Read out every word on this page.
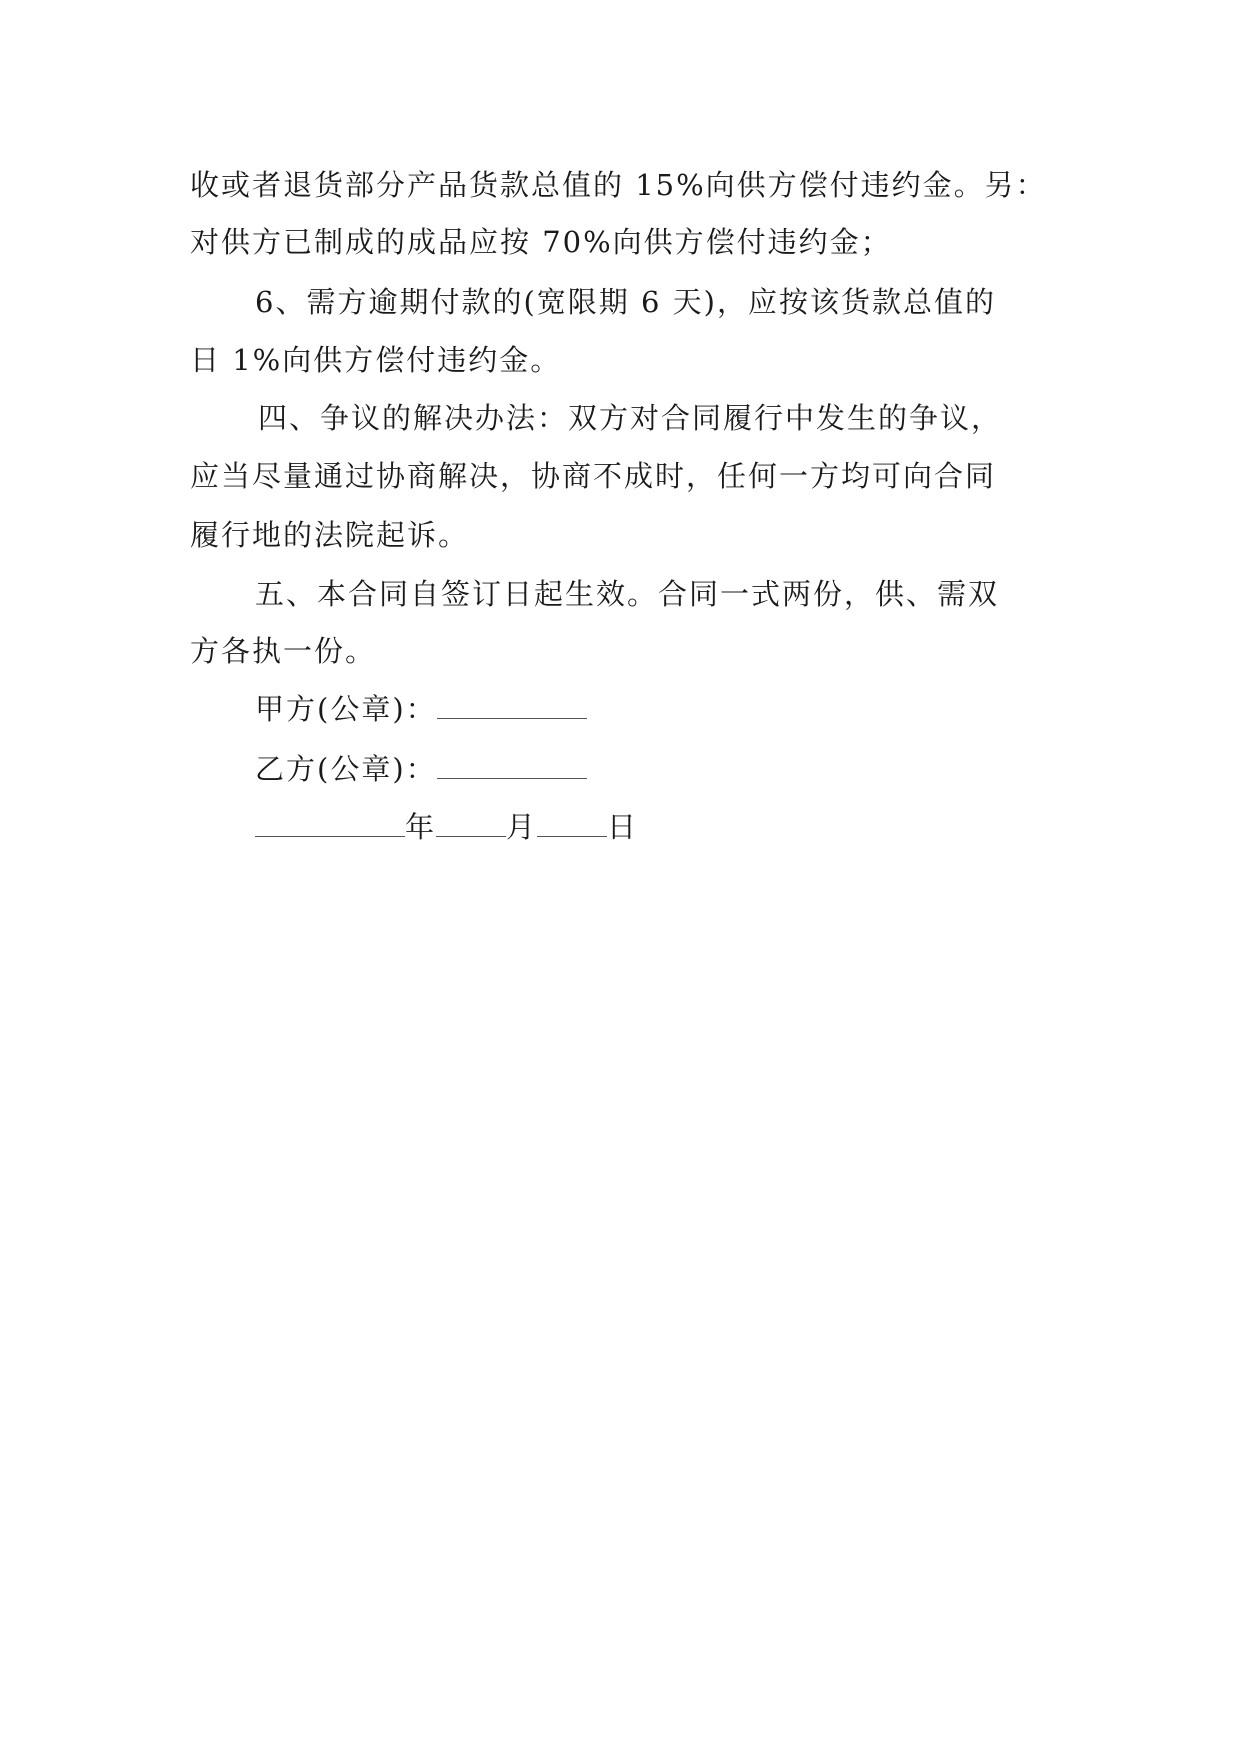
收或者退货部分产品货款总值的 15%向供方偿付违约金。另：
对供方已制成的成品应按 70%向供方偿付违约金；
6、需方逾期付款的(宽限期 6 天)，应按该货款总值的
日 1%向供方偿付违约金。
四、争议的解决办法：双方对合同履行中发生的争议，
应当尽量通过协商解决，协商不成时，任何一方均可向合同
履行地的法院起诉。
五、本合同自签订日起生效。合同一式两份，供、需双
方各执一份。
甲方(公章)：
乙方(公章)：
年 月 日
